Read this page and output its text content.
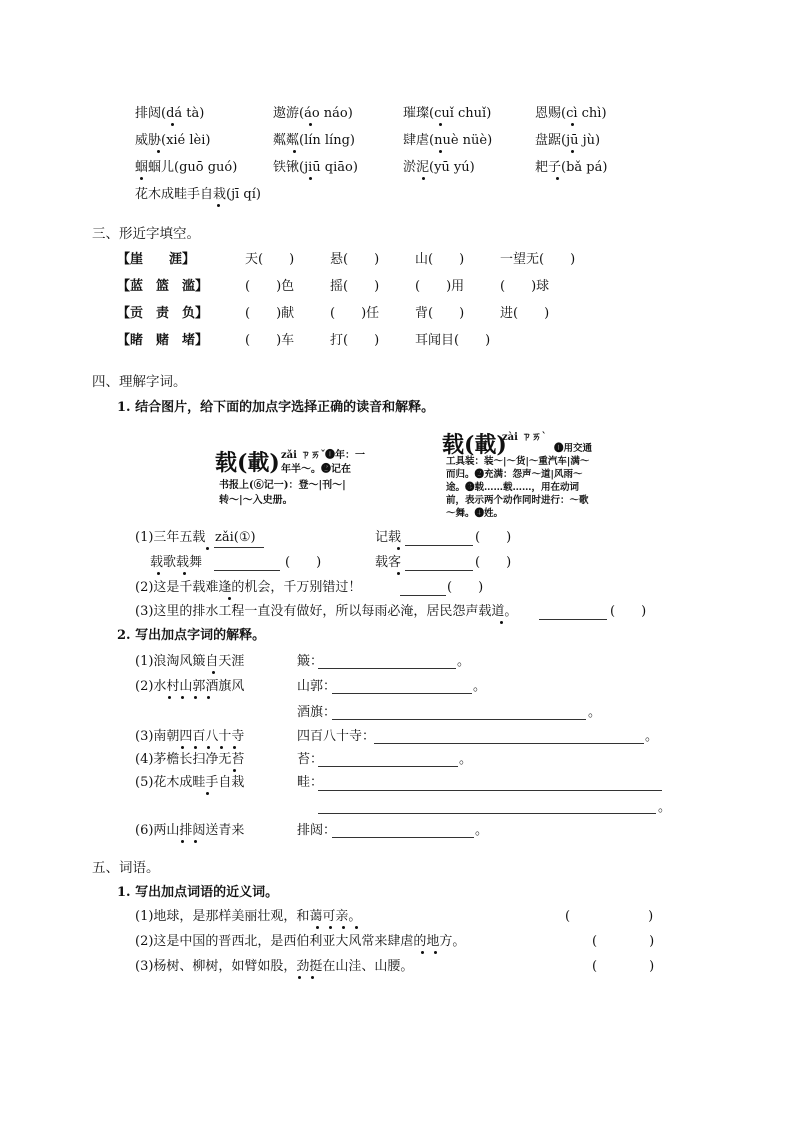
排闼(dá tà)	遨游(áo náo)	璀璨(cuǐ chuǐ)	恩赐(cì chì)
威胁(xié lèi)	粼粼(lín líng)	肆虐(nuè nüè)	盘踞(jū jù)
蝈蝈儿(guō guó)	铁锹(jiū qiāo)	淤泥(yū yú)	耙子(bǎ pá)
花木成畦手自栽(jī qí)
三、形近字填空。
【崖　　涯】	天(　　)	悬(　　)	山(　　)	一望无(　　)
【蓝　篮　滥】	(　　)色	摇(　　)	(　　)用	(　　)球
【贡　责　负】	(　　)献	(　　)任	背(　　)	进(　　)
【睹　赌　堵】	(　　)车	打(　　)	耳闻目(　　)
四、理解字词。
1. 结合图片，给下面的加点字选择正确的读音和解释。
载(載) zǎi ㄗㄞˇ ❶年：一
年半～。❷记在
书报上(⑥记一)：登～|刊～|
转～|～入史册。
载(載)
zài ㄗㄞˋ
❶用交通工具装：装～|～货|～重汽车|满～而归。❷充满：怨声～道|风雨～途。❸载……载……，用在动词前，表示两个动作同时进行：～歌～舞。❹姓。
(1)三年五载 zǎi(①)	记载	(　　)
载歌载舞	(　　)	载客	(　　)
(2)这是千载难逢的机会，千万别错过！	(　　)
(3)这里的排水工程一直没有做好，所以每雨必淹，居民怨声载道。	(　　)
2. 写出加点字词的解释。
(1)浪淘风簸自天涯	簸：	。
(2)水村山郭酒旗风	山郭：	。
酒旗：	。
(3)南朝四百八十寺	四百八十寺：	。
(4)茅檐长扫净无苔	苔：	。
(5)花木成畦手自栽	畦：
。
(6)两山排闼送青来	排闼：	。
五、词语。
1. 写出加点词语的近义词。
(1)地球，是那样美丽壮观，和蔼可亲。	(　　　　　　)
(2)这是中国的晋西北，是西伯利亚大风常来肆虐的地方。	(　　　　)
(3)杨树、柳树，如臂如股，劲挺在山洼、山腰。	(　　　　)
